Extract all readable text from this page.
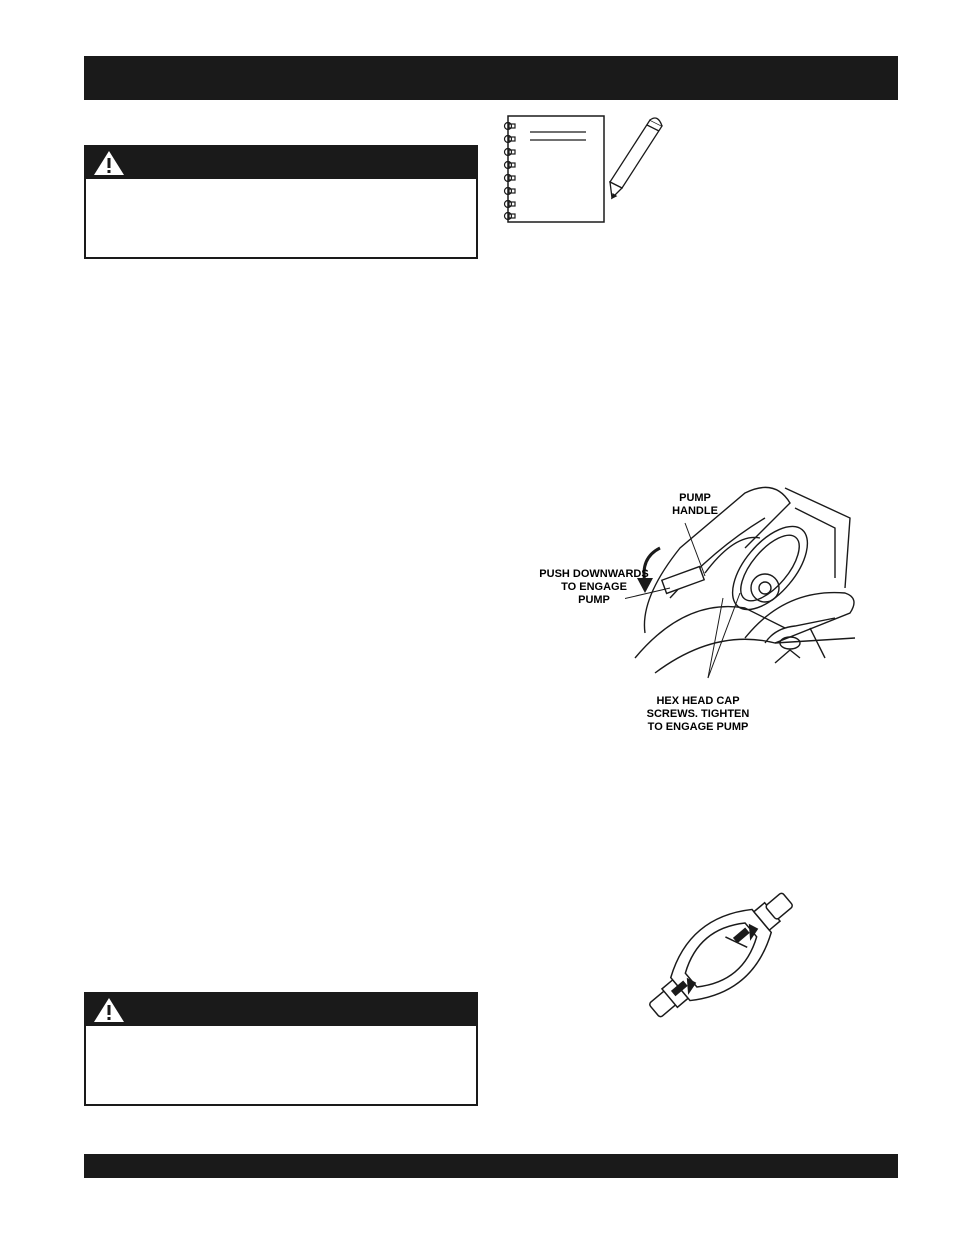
PUMP
HANDLE
PUSH DOWNWARDS
TO ENGAGE
PUMP
HEX HEAD CAP
SCREWS. TIGHTEN
TO ENGAGE PUMP
